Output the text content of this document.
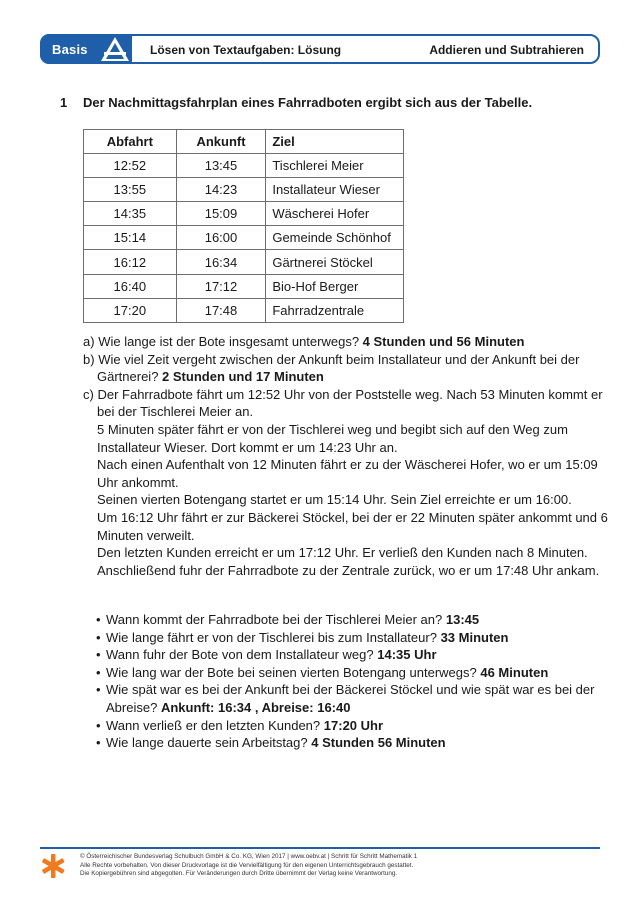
Basis	Lösen von Textaufgaben: Lösung	Addieren und Subtrahieren
1 Der Nachmittagsfahrplan eines Fahrradboten ergibt sich aus der Tabelle.
Abfahrt	Ankunft	Ziel
12:52	13:45	Tischlerei Meier
13:55	14:23	Installateur Wieser
14:35	15:09	Wäscherei Hofer
15:14	16:00	Gemeinde Schönhof
16:12	16:34	Gärtnerei Stöckel
16:40	17:12	Bio-Hof Berger
17:20	17:48	Fahrradzentrale
a) Wie lange ist der Bote insgesamt unterwegs? 4 Stunden und 56 Minuten
b) Wie viel Zeit vergeht zwischen der Ankunft beim Installateur und der Ankunft bei der Gärtnerei? 2 Stunden und 17 Minuten

c) Der Fahrradbote fährt um 12:52 Uhr von der Poststelle weg. Nach 53 Minuten kommt er bei der Tischlerei Meier an.

5 Minuten später fährt er von der Tischlerei weg und begibt sich auf den Weg zum Installateur Wieser. Dort kommt er um 14:23 Uhr an.

Nach einen Aufenthalt von 12 Minuten fährt er zu der Wäscherei Hofer, wo er um 15:09 Uhr ankommt.

Seinen vierten Botengang startet er um 15:14 Uhr. Sein Ziel erreichte er um 16:00.

Um 16:12 Uhr fährt er zur Bäckerei Stöckel, bei der er 22 Minuten später ankommt und 6 Minuten verweilt.

Den letzten Kunden erreicht er um 17:12 Uhr. Er verließ den Kunden nach 8 Minuten. Anschließend fuhr der Fahrradbote zu der Zentrale zurück, wo er um 17:48 Uhr ankam.

• Wann kommt der Fahrradbote bei der Tischlerei Meier an? 13:45
• Wie lange fährt er von der Tischlerei bis zum Installateur? 33 Minuten
• Wann fuhr der Bote von dem Installateur weg? 14:35 Uhr
• Wie lang war der Bote bei seinen vierten Botengang unterwegs? 46 Minuten
• Wie spät war es bei der Ankunft bei der Bäckerei Stöckel und wie spät war es bei der Abreise? Ankunft: 16:34 , Abreise: 16:40
• Wann verließ er den letzten Kunden? 17:20 Uhr
• Wie lange dauerte sein Arbeitstag? 4 Stunden 56 Minuten
© Österreichischer Bundesverlag Schulbuch GmbH & Co. KG, Wien 2017 | www.oebv.at | Schritt für Schritt Mathematik 1
Alle Rechte vorbehalten. Von dieser Druckvorlage ist die Vervielfältigung für den eigenen Unterrichtsgebrauch gestattet.
Die Kopiergebühren sind abgegolten. Für Veränderungen durch Dritte übernimmt der Verlag keine Verantwortung.
